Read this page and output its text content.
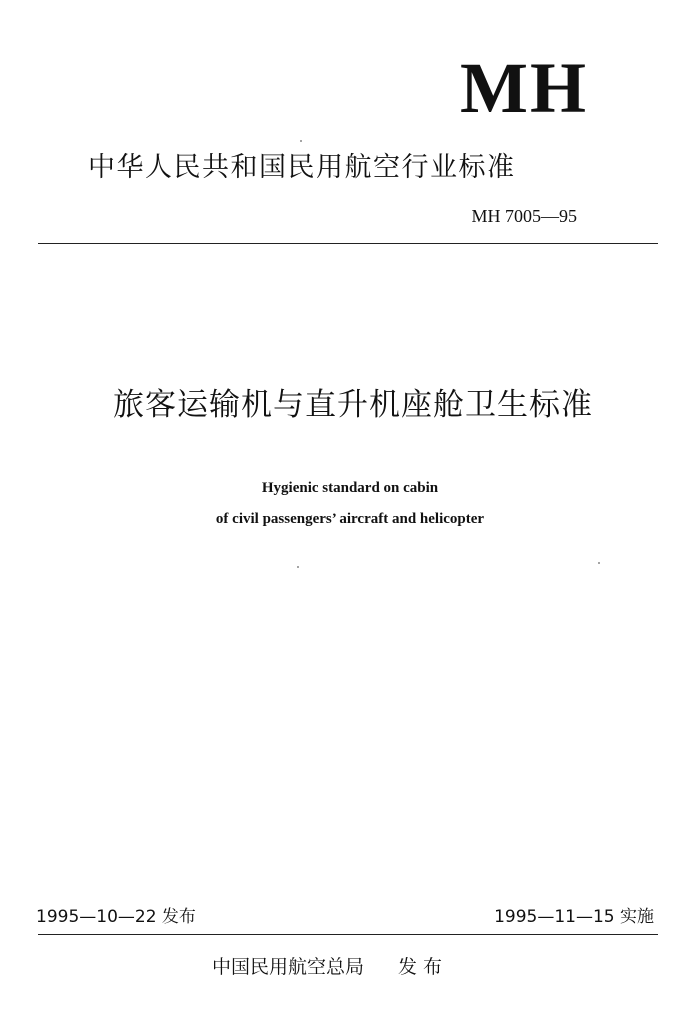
MH
中华人民共和国民用航空行业标准
MH 7005—95
旅客运输机与直升机座舱卫生标准
Hygienic standard on cabin
of civil passengers’ aircraft and helicopter
1995—10—22 发布	1995—11—15 实施
中国民用航空总局 发 布
